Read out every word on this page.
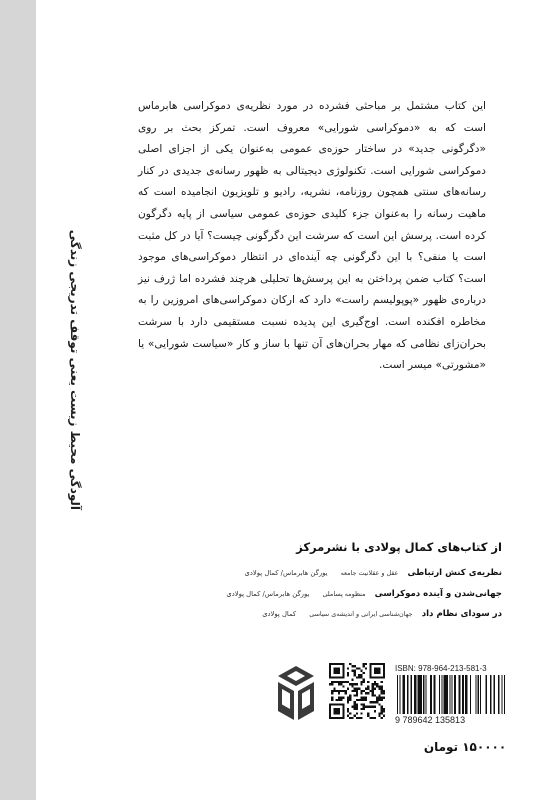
آلودگی محیط زیست یعنی توقف تدریجی زندگی
این کتاب مشتمل بر مباحثی فشرده در مورد نظریه‌ی دموکراسی هابرماس است که به «دموکراسی شورایی» معروف است. تمرکز بحث بر روی «دگرگونی جدید» در ساختار حوزه‌ی عمومی به‌عنوان یکی از اجزای اصلی دموکراسی شورایی است. تکنولوژی دیجیتالی به ظهور رسانه‌ی جدیدی در کنار رسانه‌های سنتی همچون روزنامه، نشریه، رادیو و تلویزیون انجامیده است که ماهیت رسانه را به‌عنوان جزء کلیدی حوزه‌ی عمومی سیاسی از پایه دگرگون کرده است. پرسش این است که سرشت این دگرگونی چیست؟ آیا در کل مثبت است یا منفی؟ با این دگرگونی چه آینده‌ای در انتظار دموکراسی‌های موجود است؟ کتاب ضمن پرداختن به این پرسش‌ها تحلیلی هرچند فشرده اما ژرف نیز درباره‌ی ظهور «پوپولیسم راست» دارد که ارکان دموکراسی‌های امروزین را به مخاطره افکنده است. اوج‌گیری این پدیده نسبت مستقیمی دارد با سرشت بحران‌زای نظامی که مهار بحران‌های آن تنها با ساز و کار «سیاست شورایی» یا «مشورتی» میسر است.
از کتاب‌های کمال پولادی با نشرمرکز
نظریه‌ی کنش ارتباطی عقل و عقلانیت جامعه یورگن هابرماس/ کمال پولادی
جهانی‌شدن و آینده دموکراسی منظومه پساملی یورگن هابرماس/ کمال پولادی
در سودای نظام داد جهان‌شناسی ایرانی و اندیشه‌ی سیاسی کمال پولادی
ISBN: 978-964-213-581-3
9 789642 135813
۱۵۰۰۰۰ تومان
